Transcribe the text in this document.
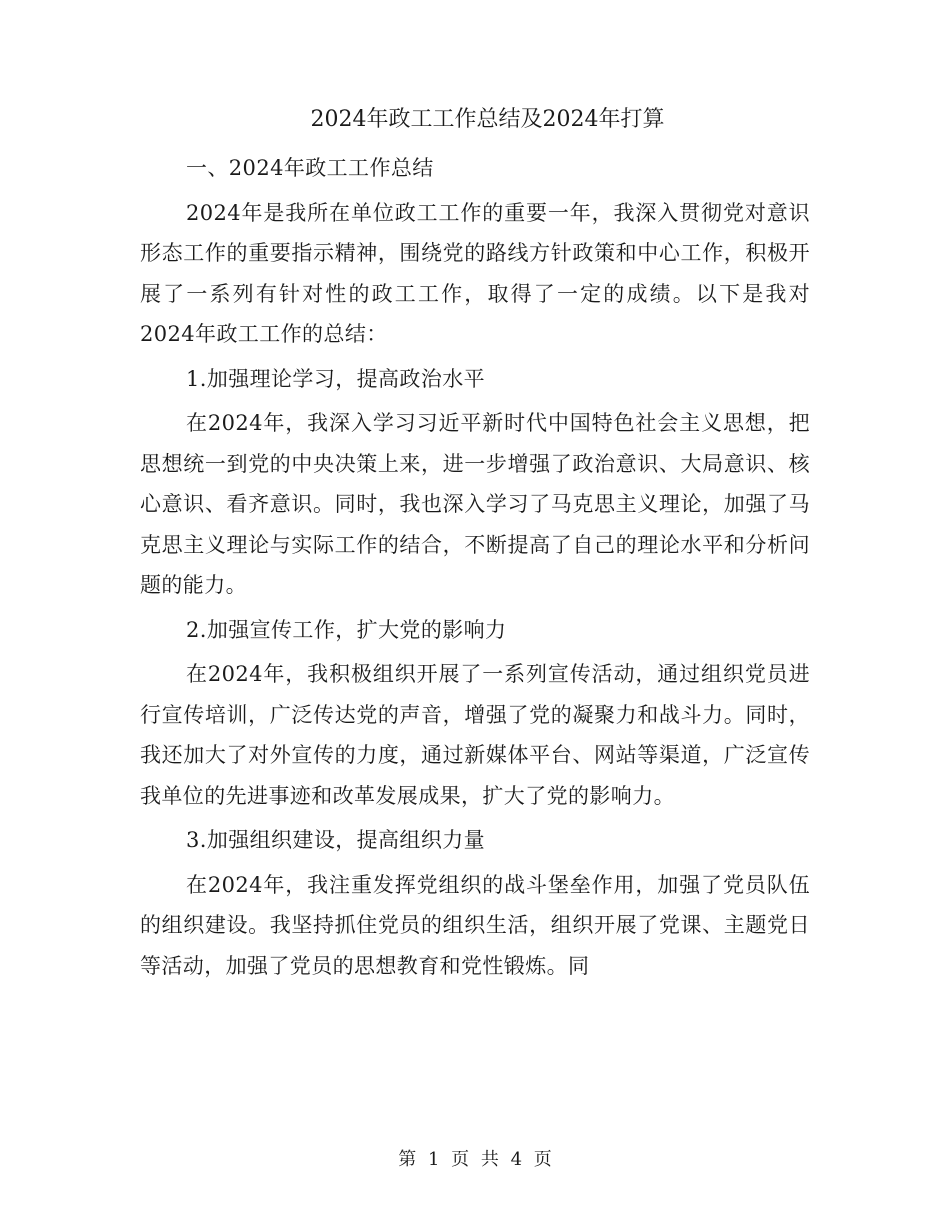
2024年政工工作总结及2024年打算

一、2024年政工工作总结

2024年是我所在单位政工工作的重要一年，我深入贯彻党对意识形态工作的重要指示精神，围绕党的路线方针政策和中心工作，积极开展了一系列有针对性的政工工作，取得了一定的成绩。以下是我对2024年政工工作的总结：

1.加强理论学习，提高政治水平

在2024年，我深入学习习近平新时代中国特色社会主义思想，把思想统一到党的中央决策上来，进一步增强了政治意识、大局意识、核心意识、看齐意识。同时，我也深入学习了马克思主义理论，加强了马克思主义理论与实际工作的结合，不断提高了自己的理论水平和分析问题的能力。

2.加强宣传工作，扩大党的影响力

在2024年，我积极组织开展了一系列宣传活动，通过组织党员进行宣传培训，广泛传达党的声音，增强了党的凝聚力和战斗力。同时，我还加大了对外宣传的力度，通过新媒体平台、网站等渠道，广泛宣传我单位的先进事迹和改革发展成果，扩大了党的影响力。

3.加强组织建设，提高组织力量

在2024年，我注重发挥党组织的战斗堡垒作用，加强了党员队伍的组织建设。我坚持抓住党员的组织生活，组织开展了党课、主题党日等活动，加强了党员的思想教育和党性锻炼。同

第 1 页 共 4 页
